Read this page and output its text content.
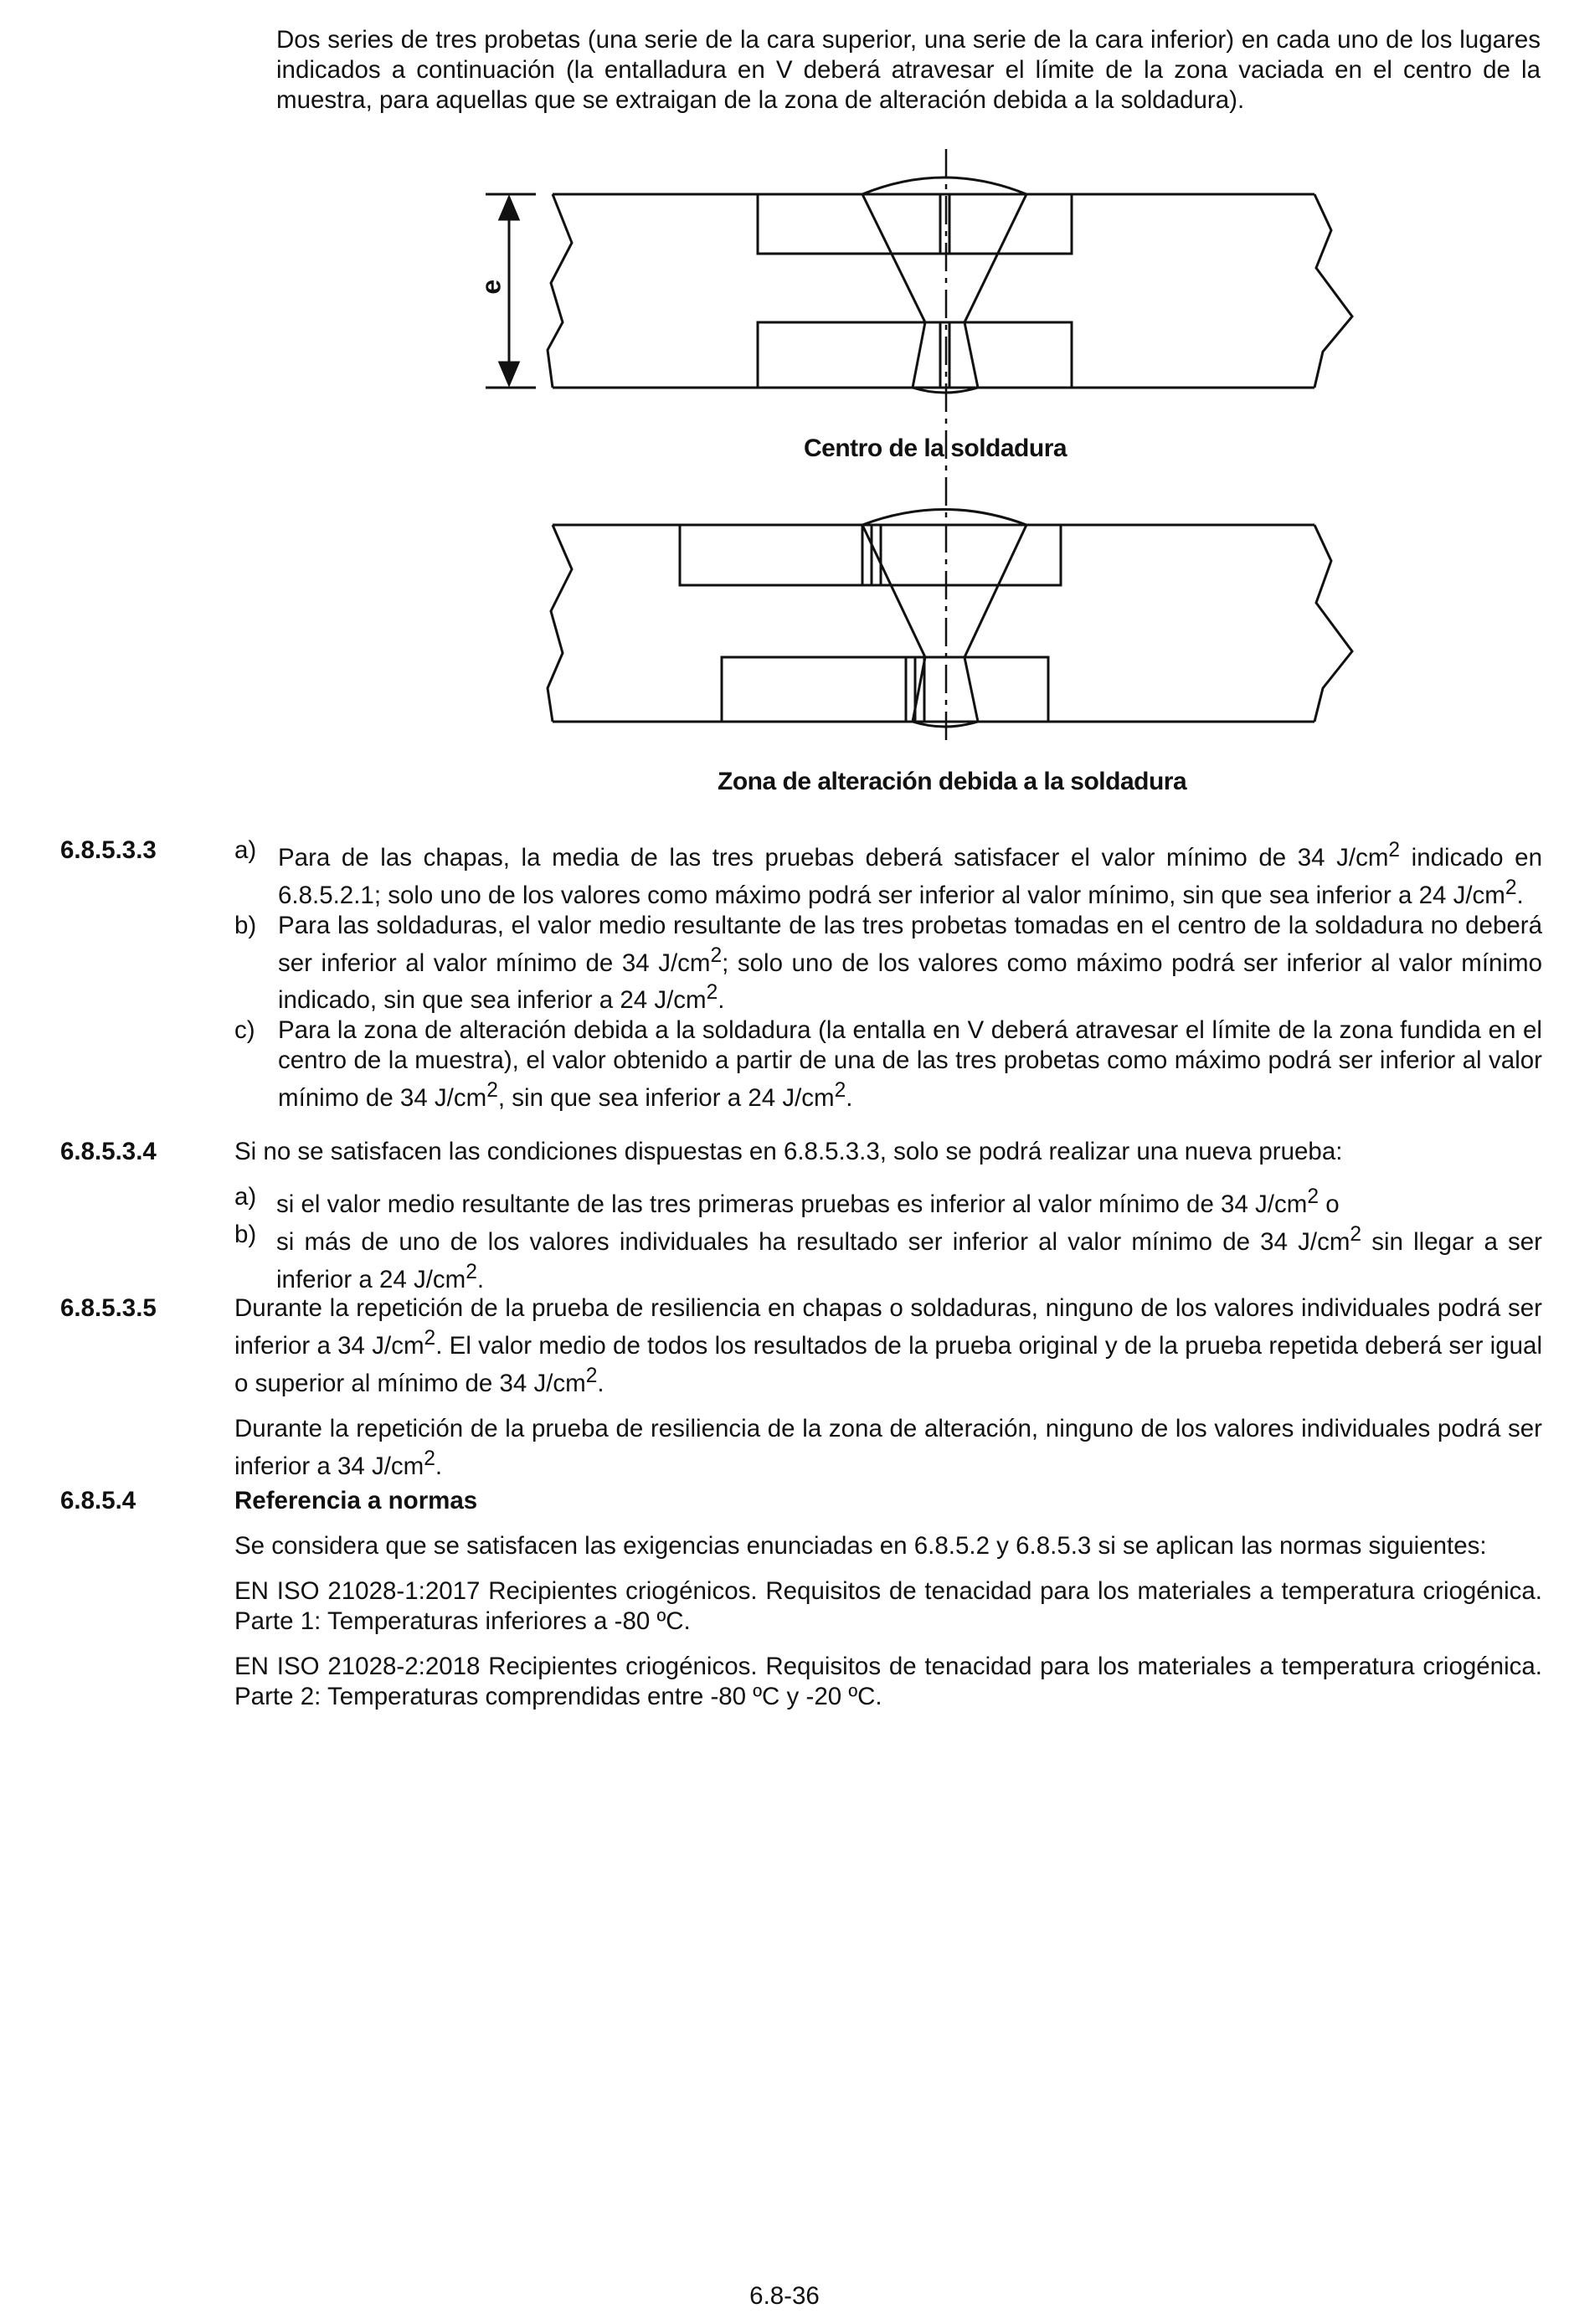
Dos series de tres probetas (una serie de la cara superior, una serie de la cara inferior) en cada uno de los lugares indicados a continuación (la entalladura en V deberá atravesar el límite de la zona vaciada en el centro de la muestra, para aquellas que se extraigan de la zona de alteración debida a la soldadura).
e
Centro de la soldadura
Zona de alteración debida a la soldadura
6.8.5.3.3	a) Para de las chapas, la media de las tres pruebas deberá satisfacer el valor mínimo de 34 $J/cm^2$ indicado en 6.8.5.2.1; solo uno de los valores como máximo podrá ser inferior al valor mínimo, sin que sea inferior a 24 $J/cm^2$.
b) Para las soldaduras, el valor medio resultante de las tres probetas tomadas en el centro de la soldadura no deberá ser inferior al valor mínimo de 34 $J/cm^2$; solo uno de los valores como máximo podrá ser inferior al valor mínimo indicado, sin que sea inferior a 24 $J/cm^2$.
c) Para la zona de alteración debida a la soldadura (la entalla en V deberá atravesar el límite de la zona fundida en el centro de la muestra), el valor obtenido a partir de una de las tres probetas como máximo podrá ser inferior al valor mínimo de 34 $J/cm^2$, sin que sea inferior a 24 $J/cm^2$.
6.8.5.3.4	Si no se satisfacen las condiciones dispuestas en 6.8.5.3.3, solo se podrá realizar una nueva prueba:
a) si el valor medio resultante de las tres primeras pruebas es inferior al valor mínimo de 34 $J/cm^2$ o
b) si más de uno de los valores individuales ha resultado ser inferior al valor mínimo de 34 $J/cm^2$ sin llegar a ser inferior a 24 $J/cm^2$.
6.8.5.3.5	Durante la repetición de la prueba de resiliencia en chapas o soldaduras, ninguno de los valores individuales podrá ser inferior a 34 $J/cm^2$. El valor medio de todos los resultados de la prueba original y de la prueba repetida deberá ser igual o superior al mínimo de 34 $J/cm^2$.
Durante la repetición de la prueba de resiliencia de la zona de alteración, ninguno de los valores individuales podrá ser inferior a 34 $J/cm^2$.
6.8.5.4	Referencia a normas
Se considera que se satisfacen las exigencias enunciadas en 6.8.5.2 y 6.8.5.3 si se aplican las normas siguientes:
EN ISO 21028-1:2017 Recipientes criogénicos. Requisitos de tenacidad para los materiales a temperatura criogénica. Parte 1: Temperaturas inferiores a -80 ºC.
EN ISO 21028-2:2018 Recipientes criogénicos. Requisitos de tenacidad para los materiales a temperatura criogénica. Parte 2: Temperaturas comprendidas entre -80 ºC y -20 ºC.
6.8-36
